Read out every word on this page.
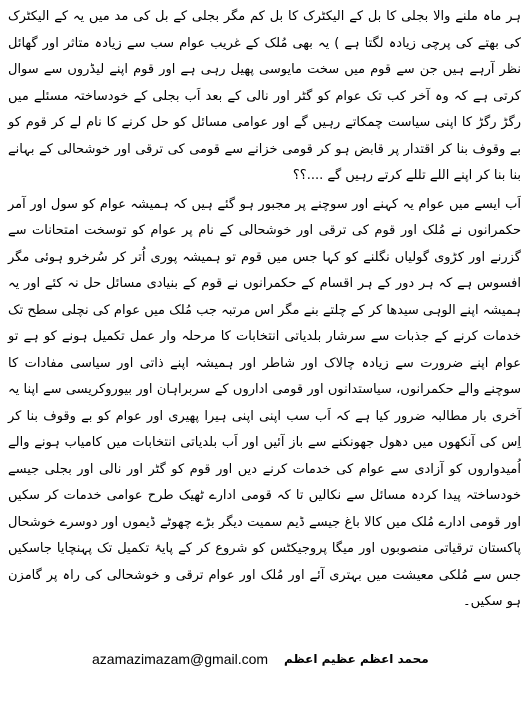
ہر ماہ ملنے والا بجلی کا بل کے الیکٹرک کا بل کم مگر بجلی کے بل کی مد میں یہ کے الیکٹرک کی بھتے کی پرچی زیادہ لگتا ہے ) یہ بھی مُلک کے غریب عوام سب سے زیادہ متاثر اور گھائل نظر آرہے ہیں جن سے قوم میں سخت مایوسی پھیل رہی ہے اور قوم اپنے لیڈروں سے سوال کرتی ہے کہ وہ آخر کب تک عوام کو گٹر اور نالی کے بعد اَب بجلی کے خودساختہ مسئلے میں رگڑ رگڑ کا اپنی سیاست چمکاتے رہیں گے اور عوامی مسائل کو حل کرنے کا نام لے کر قوم کو بے وقوف بنا کر اقتدار پر قابض ہو کر قومی خزانے سے قومی کی ترقی اور خوشحالی کے بہانے بنا بنا کر اپنے اللے تللے کرتے رہیں گے ....؟؟

اَب ایسے میں عوام یہ کہنے اور سوچنے پر مجبور ہو گئے ہیں کہ ہمیشہ عوام کو سول اور آمر حکمرانوں نے مُلک اور قوم کی ترقی اور خوشحالی کے نام پر عوام کو توسخت امتحانات سے گزرنے اور کڑوی گولیاں نگلنے کو کہا جس میں قوم تو ہمیشہ پوری اُتر کر سُرخرو ہوئی مگر افسوس ہے کہ ہر دور کے ہر اقسام کے حکمرانوں نے قوم کے بنیادی مسائل حل نہ کئے اور یہ ہمیشہ اپنے الوہی سیدھا کر کے چلتے بنے مگر اس مرتبہ جب مُلک میں عوام کی نچلی سطح تک خدمات کرنے کے جذبات سے سرشار بلدیاتی انتخابات کا مرحلہ وار عمل تکمیل ہونے کو ہے تو عوام اپنے ضرورت سے زیادہ چالاک اور شاطر اور ہمیشہ اپنے ذاتی اور سیاسی مفادات کا سوچنے والے حکمرانوں، سیاستدانوں اور قومی اداروں کے سربراہان اور بیوروکریسی سے اپنا یہ آخری بار مطالبہ ضرور کیا ہے کہ اَب سب اپنی اپنی ہیرا پھیری اور عوام کو بے وقوف بنا کر اِس کی آنکھوں میں دھول جھونکنے سے باز آئیں اور اَب بلدیاتی انتخابات میں کامیاب ہونے والے اُمیدواروں کو آزادی سے عوام کی خدمات کرنے دیں اور قوم کو گٹر اور نالی اور بجلی جیسے خودساختہ پیدا کردہ مسائل سے نکالیں تا کہ قومی ادارے ٹھیک طرح عوامی خدمات کر سکیں اور قومی ادارے مُلک میں کالا باغ جیسے ڈیم سمیت دیگر بڑے چھوٹے ڈیموں اور دوسرے خوشحال پاکستان ترقیاتی منصوبوں اور میگا پروجیکٹس کو شروع کر کے پایۂ تکمیل تک پہنچایا جاسکیں جس سے مُلکی معیشت میں بہتری آئے اور مُلک اور عوام ترقی و خوشحالی کی راہ پر گامزن ہو سکیں۔

azamazimazam@gmail.com محمد اعظم عظیم اعظم
